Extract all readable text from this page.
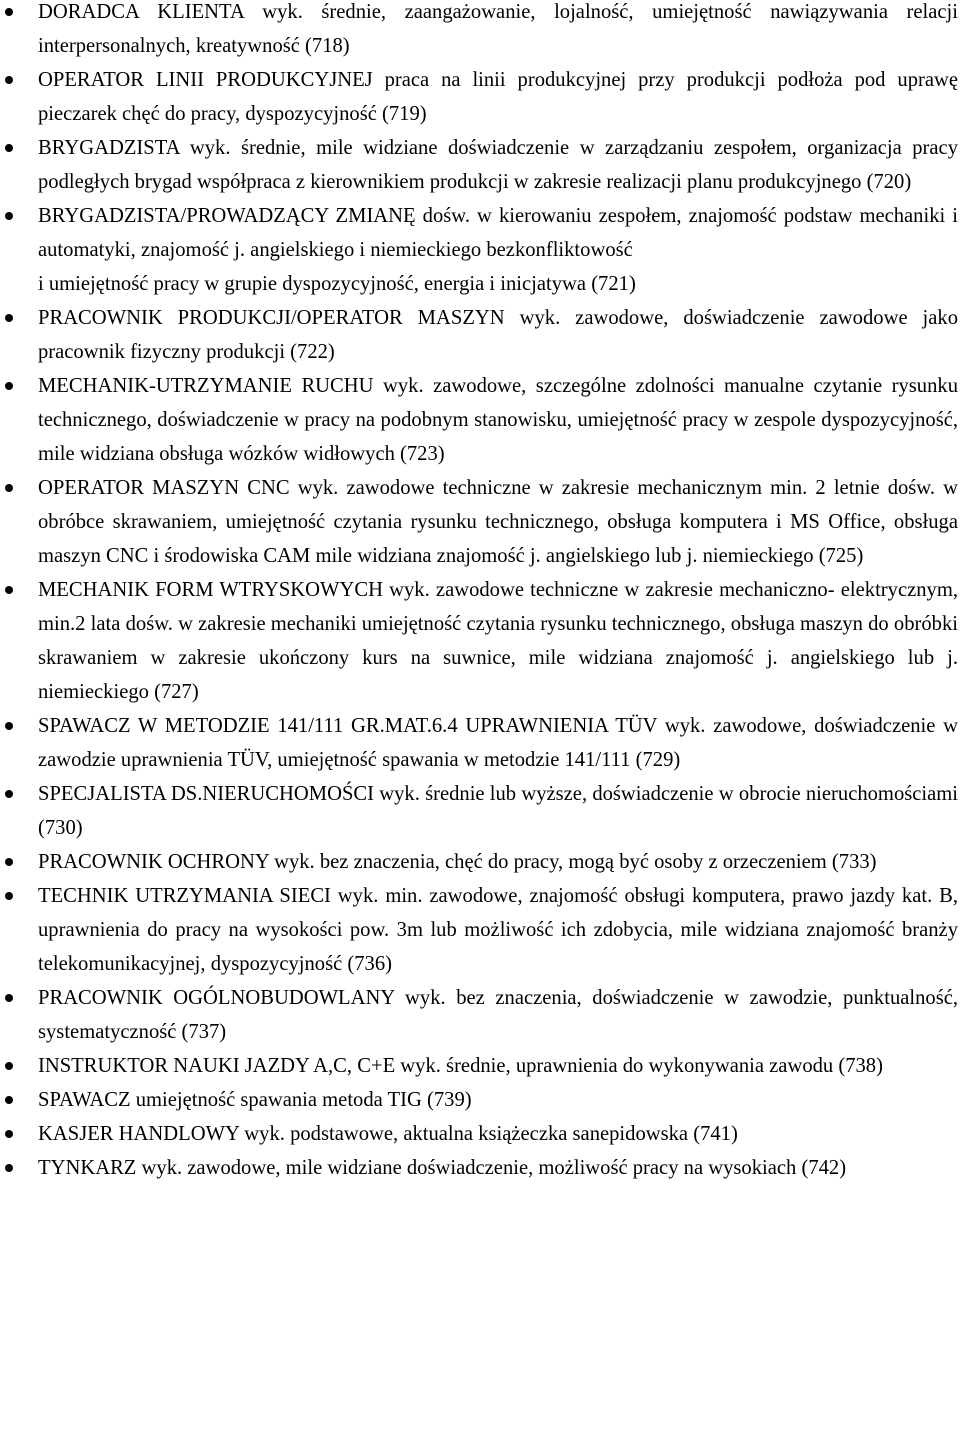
DORADCA KLIENTA wyk. średnie, zaangażowanie, lojalność, umiejętność nawiązywania relacji interpersonalnych, kreatywność (718)
OPERATOR LINII PRODUKCYJNEJ praca na linii produkcyjnej przy produkcji podłoża pod uprawę pieczarek chęć do pracy, dyspozycyjność (719)
BRYGADZISTA wyk. średnie, mile widziane doświadczenie w zarządzaniu zespołem, organizacja pracy podległych brygad współpraca z kierownikiem produkcji w zakresie realizacji planu produkcyjnego (720)
BRYGADZISTA/PROWADZĄCY ZMIANĘ dośw. w kierowaniu zespołem, znajomość podstaw mechaniki i automatyki, znajomość j. angielskiego i niemieckiego bezkonfliktowość
i umiejętność pracy w grupie dyspozycyjność, energia i inicjatywa (721)
PRACOWNIK PRODUKCJI/OPERATOR MASZYN wyk. zawodowe, doświadczenie zawodowe jako pracownik fizyczny produkcji (722)
MECHANIK-UTRZYMANIE RUCHU wyk. zawodowe, szczególne zdolności manualne czytanie rysunku technicznego, doświadczenie w pracy na podobnym stanowisku, umiejętność pracy w zespole dyspozycyjność, mile widziana obsługa wózków widłowych (723)
OPERATOR MASZYN CNC wyk. zawodowe techniczne w zakresie mechanicznym min. 2 letnie dośw. w obróbce skrawaniem, umiejętność czytania rysunku technicznego, obsługa komputera i MS Office, obsługa maszyn CNC i środowiska CAM mile widziana znajomość j. angielskiego lub j. niemieckiego (725)
MECHANIK FORM WTRYSKOWYCH wyk. zawodowe techniczne w zakresie mechaniczno- elektrycznym, min.2 lata dośw. w zakresie mechaniki umiejętność czytania rysunku technicznego, obsługa maszyn do obróbki skrawaniem w zakresie ukończony kurs na suwnice, mile widziana znajomość j. angielskiego lub j. niemieckiego (727)
SPAWACZ W METODZIE 141/111 GR.MAT.6.4 UPRAWNIENIA TÜV wyk. zawodowe, doświadczenie w zawodzie uprawnienia TÜV, umiejętność spawania w metodzie 141/111 (729)
SPECJALISTA DS.NIERUCHOMOŚCI wyk. średnie lub wyższe, doświadczenie w obrocie nieruchomościami (730)
PRACOWNIK OCHRONY wyk. bez znaczenia, chęć do pracy, mogą być osoby z orzeczeniem (733)
TECHNIK UTRZYMANIA SIECI wyk. min. zawodowe, znajomość obsługi komputera, prawo jazdy kat. B, uprawnienia do pracy na wysokości pow. 3m lub możliwość ich zdobycia, mile widziana znajomość branży telekomunikacyjnej, dyspozycyjność (736)
PRACOWNIK OGÓLNOBUDOWLANY wyk. bez znaczenia, doświadczenie w zawodzie, punktualność, systematyczność (737)
INSTRUKTOR NAUKI JAZDY A,C, C+E wyk. średnie, uprawnienia do wykonywania zawodu (738)
SPAWACZ umiejętność spawania metoda TIG (739)
KASJER HANDLOWY wyk. podstawowe, aktualna książeczka sanepidowska (741)
TYNKARZ wyk. zawodowe, mile widziane doświadczenie, możliwość pracy na wysokiach (742)
